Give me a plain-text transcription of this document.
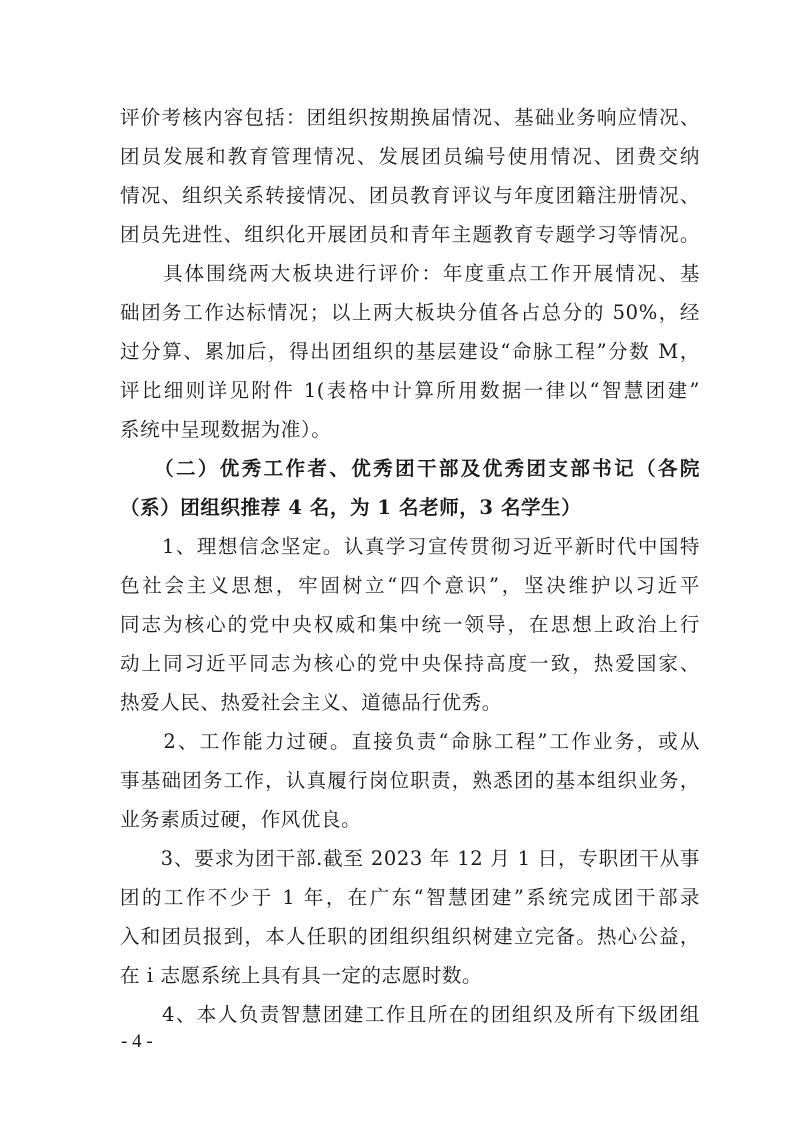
评价考核内容包括：团组织按期换届情况、基础业务响应情况、
团员发展和教育管理情况、发展团员编号使用情况、团费交纳
情况、组织关系转接情况、团员教育评议与年度团籍注册情况、
团员先进性、组织化开展团员和青年主题教育专题学习等情况。
　　具体围绕两大板块进行评价：年度重点工作开展情况、基
础团务工作达标情况；以上两大板块分值各占总分的 50%，经
过分算、累加后，得出团组织的基层建设“命脉工程”分数 M，
评比细则详见附件 1(表格中计算所用数据一律以“智慧团建”
系统中呈现数据为准）。
　　（二）优秀工作者、优秀团干部及优秀团支部书记（各院
（系）团组织推荐 4 名，为 1 名老师，3 名学生）
　　1、理想信念坚定。认真学习宣传贯彻习近平新时代中国特
色社会主义思想，牢固树立“四个意识”，坚决维护以习近平
同志为核心的党中央权威和集中统一领导，在思想上政治上行
动上同习近平同志为核心的党中央保持高度一致，热爱国家、
热爱人民、热爱社会主义、道德品行优秀。
　　2、工作能力过硬。直接负责“命脉工程”工作业务，或从
事基础团务工作，认真履行岗位职责，熟悉团的基本组织业务，
业务素质过硬，作风优良。
　　3、要求为团干部.截至 2023 年 12 月 1 日，专职团干从事
团的工作不少于 1 年，在广东“智慧团建”系统完成团干部录
入和团员报到，本人任职的团组织组织树建立完备。热心公益，
在 i 志愿系统上具有具一定的志愿时数。
　　4、本人负责智慧团建工作且所在的团组织及所有下级团组
- 4 -
